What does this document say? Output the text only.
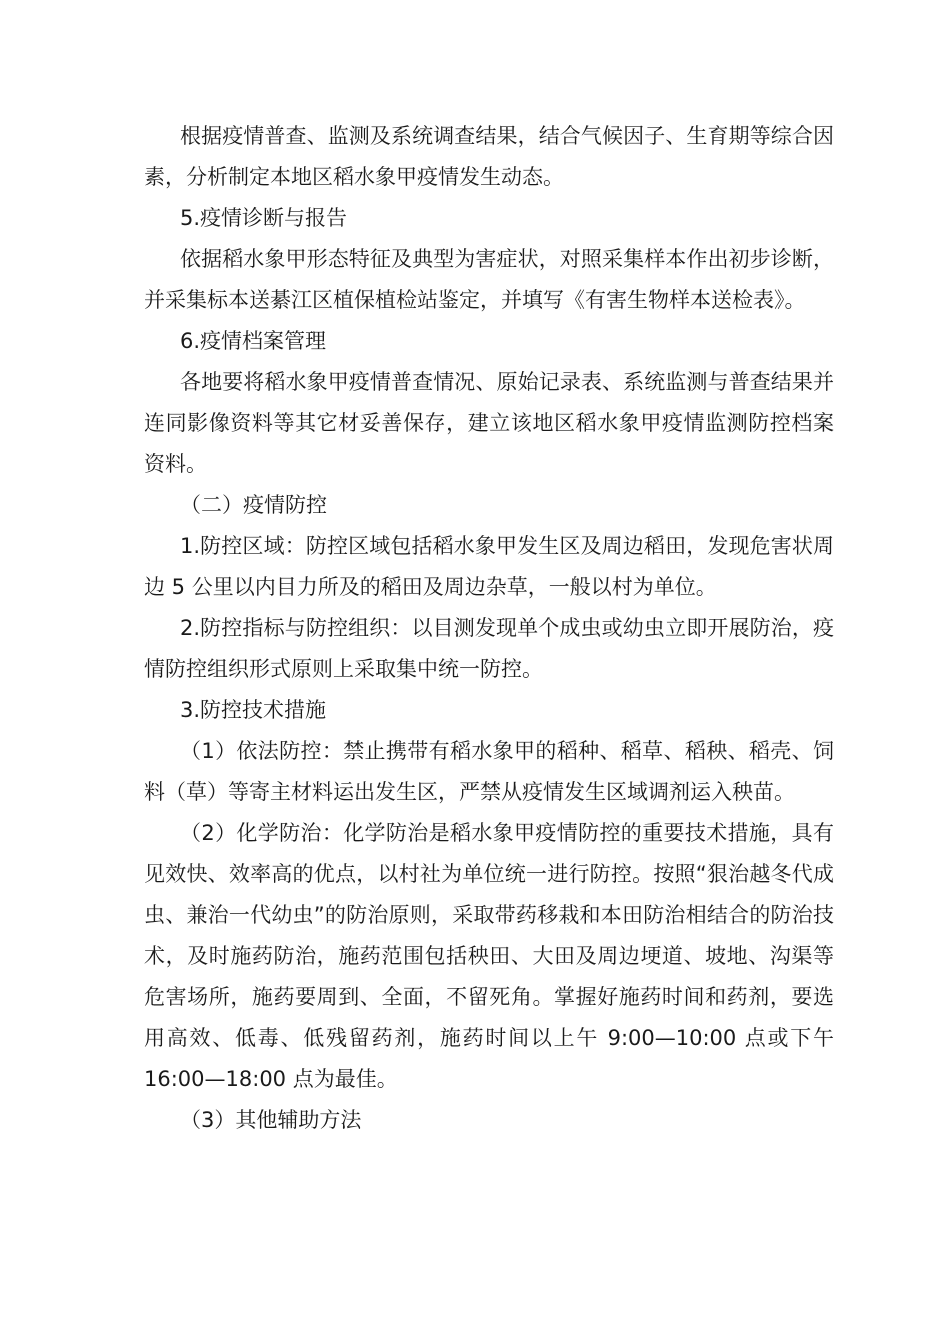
根据疫情普查、监测及系统调查结果，结合气候因子、生育期等综合因素，分析制定本地区稻水象甲疫情发生动态。

5.疫情诊断与报告

依据稻水象甲形态特征及典型为害症状，对照采集样本作出初步诊断，并采集标本送綦江区植保植检站鉴定，并填写《有害生物样本送检表》。

6.疫情档案管理

各地要将稻水象甲疫情普查情况、原始记录表、系统监测与普查结果并连同影像资料等其它材妥善保存，建立该地区稻水象甲疫情监测防控档案资料。

（二）疫情防控

1.防控区域：防控区域包括稻水象甲发生区及周边稻田，发现危害状周边 5 公里以内目力所及的稻田及周边杂草，一般以村为单位。

2.防控指标与防控组织：以目测发现单个成虫或幼虫立即开展防治，疫情防控组织形式原则上采取集中统一防控。

3.防控技术措施

（1）依法防控：禁止携带有稻水象甲的稻种、稻草、稻秧、稻壳、饲料（草）等寄主材料运出发生区，严禁从疫情发生区域调剂运入秧苗。

（2）化学防治：化学防治是稻水象甲疫情防控的重要技术措施，具有见效快、效率高的优点，以村社为单位统一进行防控。按照“狠治越冬代成虫、兼治一代幼虫”的防治原则，采取带药移栽和本田防治相结合的防治技术，及时施药防治，施药范围包括秧田、大田及周边埂道、坡地、沟渠等危害场所，施药要周到、全面，不留死角。掌握好施药时间和药剂，要选用高效、低毒、低残留药剂，施药时间以上午 9:00—10:00 点或下午 16:00—18:00 点为最佳。

（3）其他辅助方法
